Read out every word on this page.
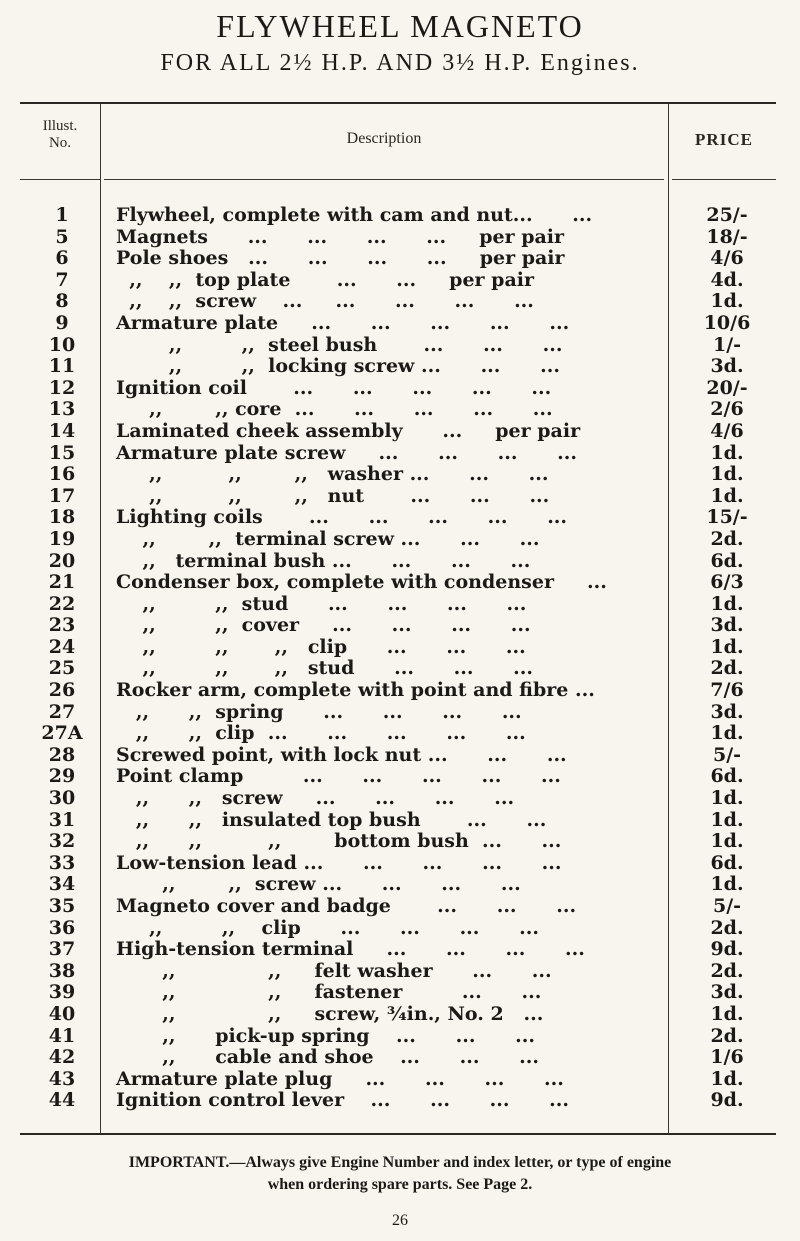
FLYWHEEL MAGNETO
FOR ALL 2½ H.P. AND 3½ H.P. Engines.
Illust.
No.	Description	PRICE
1	Flywheel, complete with cam and nut...      ...	25/-
5	Magnets      ...      ...      ...      ...     per pair	18/-
6	Pole shoes   ...      ...      ...      ...     per pair	4/6
7	,,    ,,  top plate       ...      ...     per pair	4d.
8	,,    ,,  screw    ...     ...      ...      ...      ...	1d.
9	Armature plate     ...      ...      ...      ...      ...	10/6
10	,,         ,,  steel bush       ...      ...      ...	1/-
11	,,         ,,  locking screw ...      ...      ...	3d.
12	Ignition coil       ...      ...      ...      ...      ...	20/-
13	,,        ,, core  ...      ...      ...      ...      ...	2/6
14	Laminated cheek assembly      ...     per pair	4/6
15	Armature plate screw     ...      ...      ...      ...	1d.
16	,,          ,,        ,,   washer ...      ...      ...	1d.
17	,,          ,,        ,,   nut       ...      ...      ...	1d.
18	Lighting coils       ...      ...      ...      ...      ...	15/-
19	,,        ,,  terminal screw ...      ...      ...	2d.
20	,,   terminal bush ...      ...      ...      ...	6d.
21	Condenser box, complete with condenser     ...	6/3
22	,,         ,,  stud      ...      ...      ...      ...	1d.
23	,,         ,,  cover     ...      ...      ...      ...	3d.
24	,,         ,,       ,,   clip      ...      ...      ...	1d.
25	,,         ,,       ,,   stud      ...      ...      ...	2d.
26	Rocker arm, complete with point and fibre ...	7/6
27	,,      ,,  spring      ...      ...      ...      ...	3d.
27A	,,      ,,  clip  ...      ...      ...      ...      ...	1d.
28	Screwed point, with lock nut ...      ...      ...	5/-
29	Point clamp         ...      ...      ...      ...      ...	6d.
30	,,      ,,   screw     ...      ...      ...      ...	1d.
31	,,      ,,   insulated top bush       ...      ...	1d.
32	,,      ,,          ,,        bottom bush  ...      ...	1d.
33	Low-tension lead ...      ...      ...      ...      ...	6d.
34	,,        ,,  screw ...      ...      ...      ...	1d.
35	Magneto cover and badge       ...      ...      ...	5/-
36	,,         ,,    clip      ...      ...      ...      ...	2d.
37	High-tension terminal     ...      ...      ...      ...	9d.
38	,,              ,,     felt washer      ...      ...	2d.
39	,,              ,,     fastener         ...      ...	3d.
40	,,              ,,     screw, ¾in., No. 2   ...	1d.
41	,,      pick-up spring    ...      ...      ...	2d.
42	,,      cable and shoe    ...      ...      ...	1/6
43	Armature plate plug     ...      ...      ...      ...	1d.
44	Ignition control lever    ...      ...      ...      ...	9d.
IMPORTANT.—Always give Engine Number and index letter, or type of engine
when ordering spare parts. See Page 2.
26
